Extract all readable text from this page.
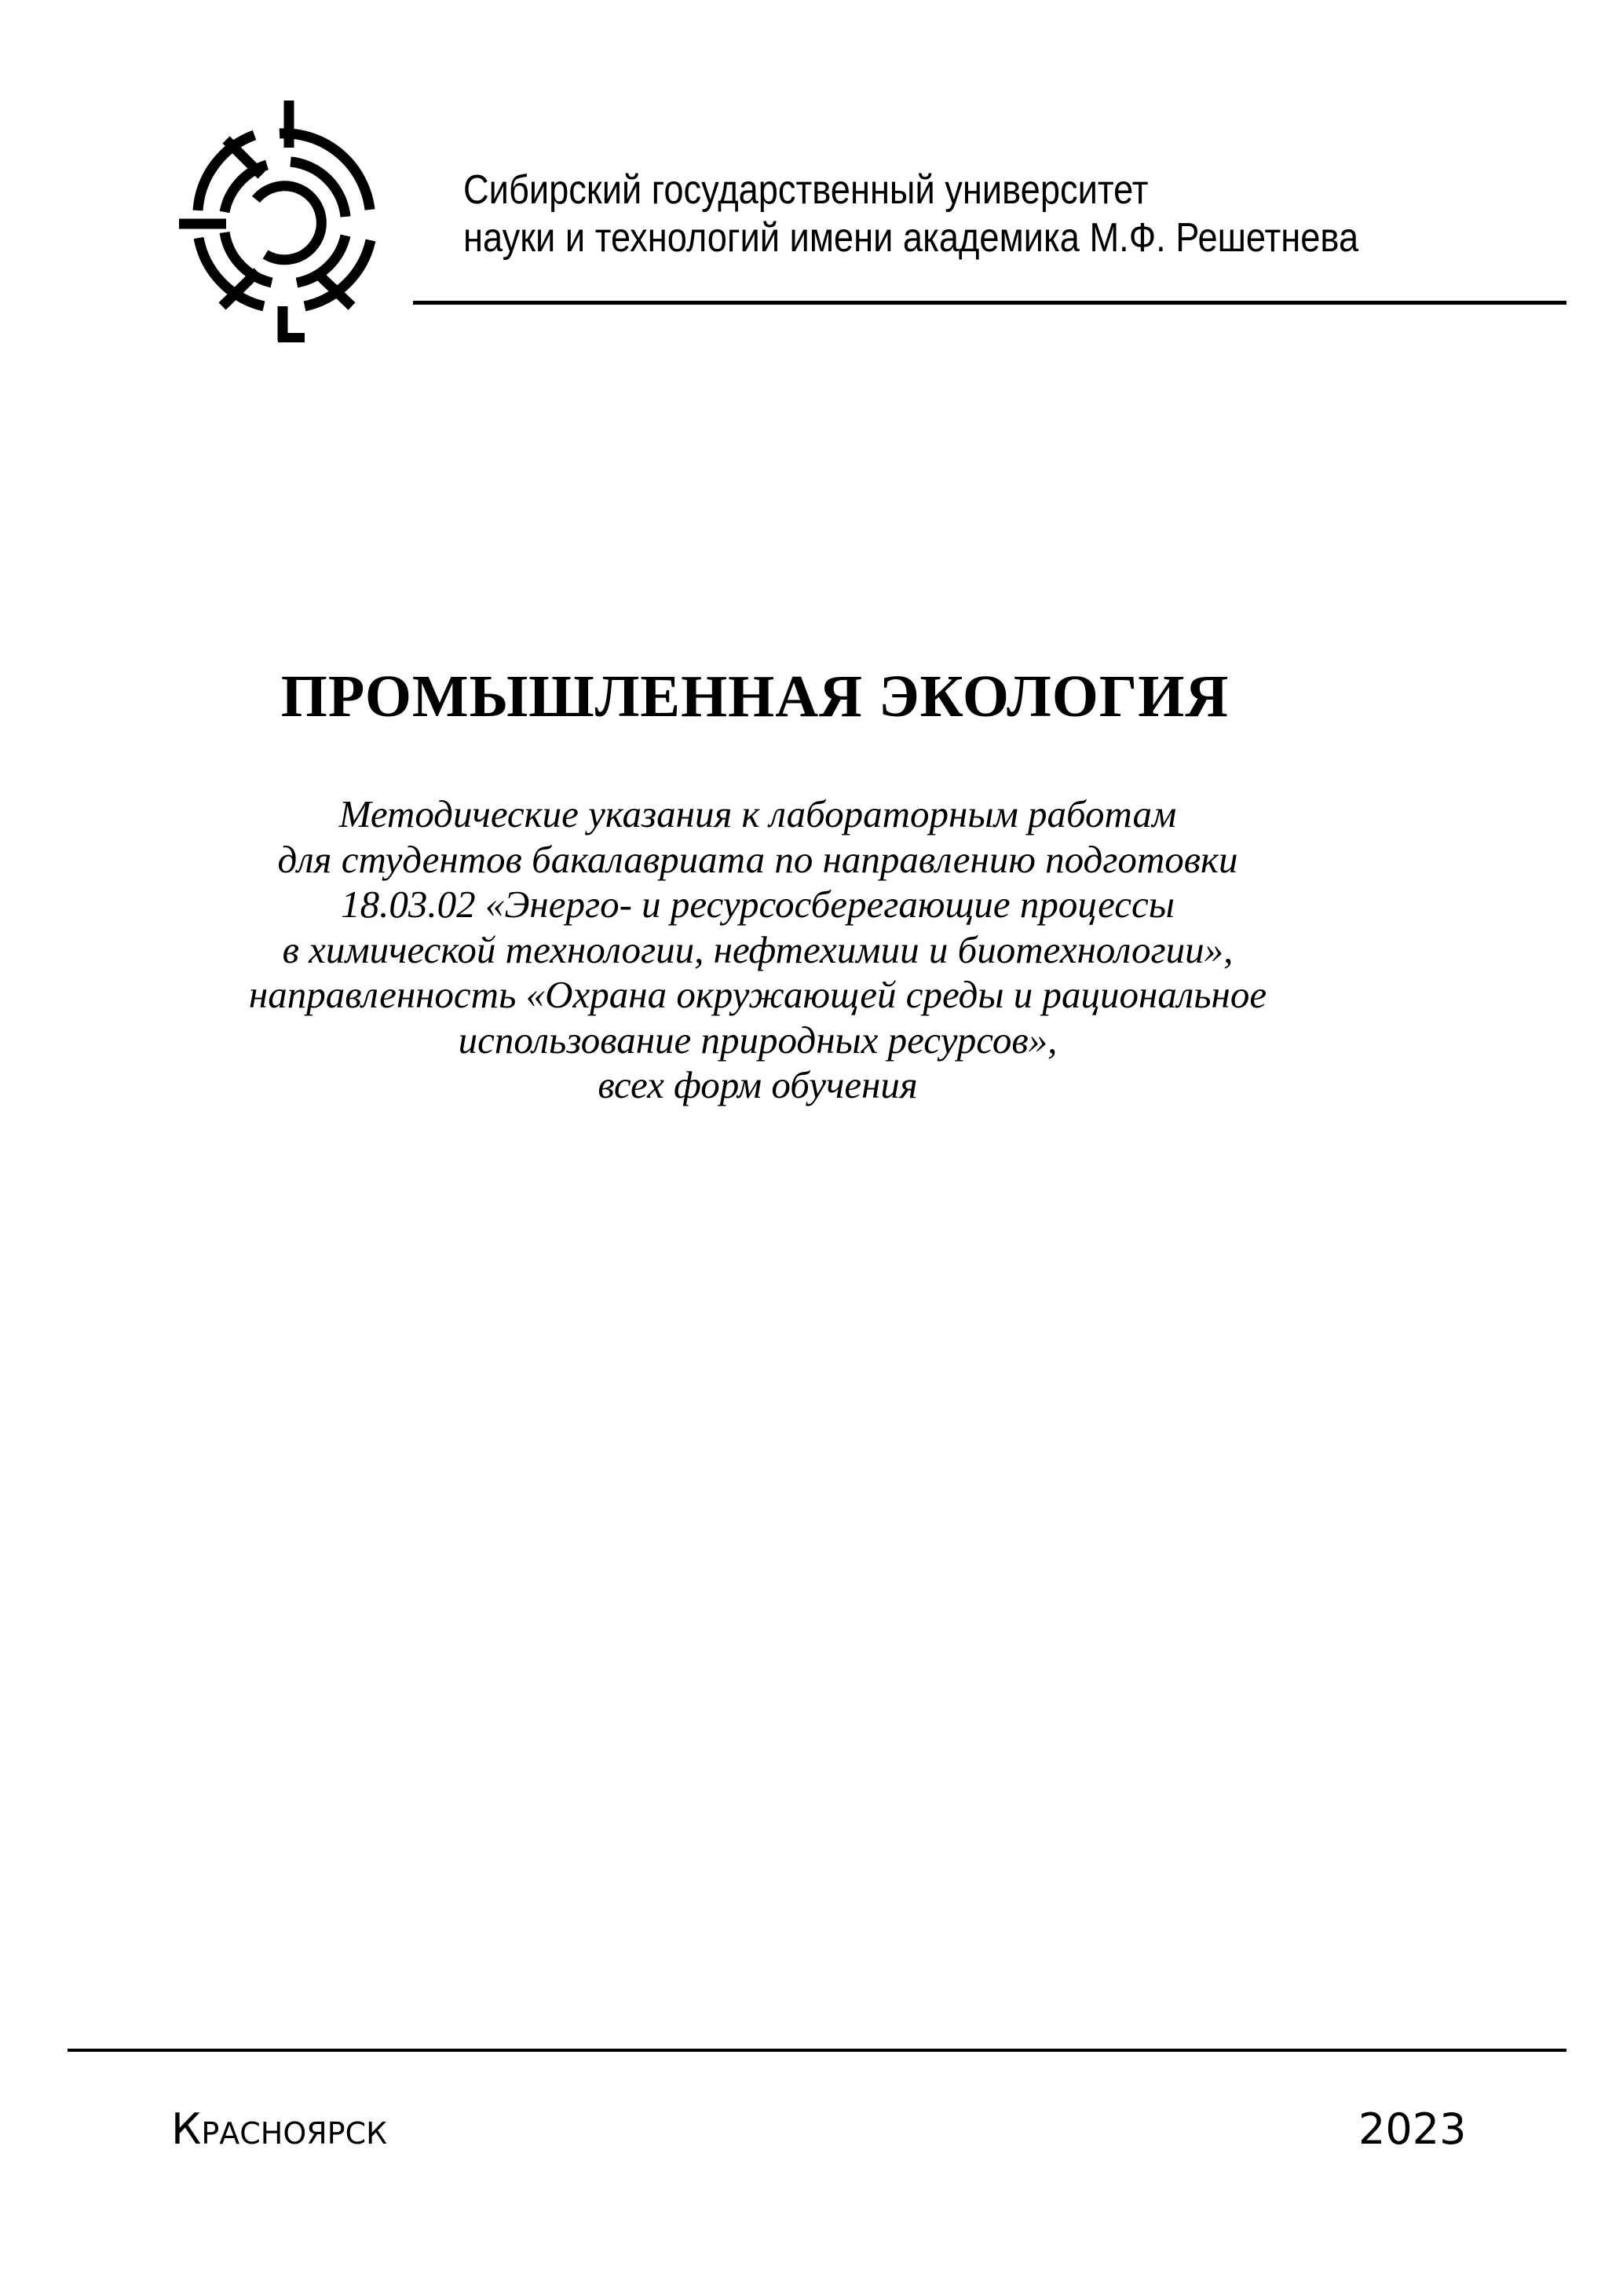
Сибирский государственный университет
науки и технологий имени академика М.Ф. Решетнева
ПРОМЫШЛЕННАЯ ЭКОЛОГИЯ
Методические указания к лабораторным работам
для студентов бакалавриата по направлению подготовки
18.03.02 «Энерго- и ресурсосберегающие процессы
в химической технологии, нефтехимии и биотехнологии»,
направленность «Охрана окружающей среды и рациональное
использование природных ресурсов»,
всех форм обучения
Красноярск	2023
